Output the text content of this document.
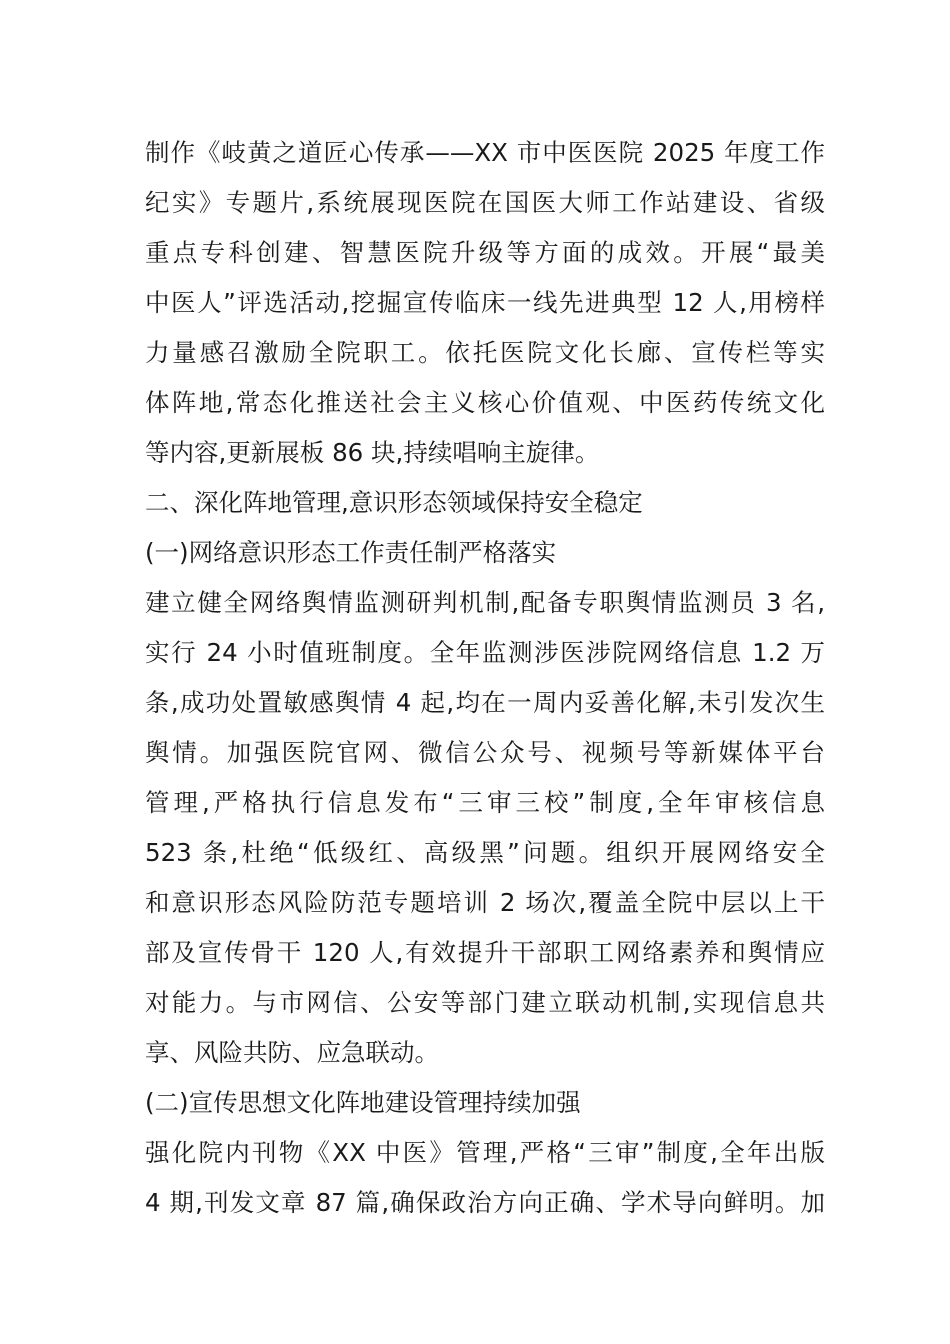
制作《岐黄之道匠心传承——XX 市中医医院 2025 年度工作
纪实》专题片,系统展现医院在国医大师工作站建设、省级
重点专科创建、智慧医院升级等方面的成效。开展“最美
中医人”评选活动,挖掘宣传临床一线先进典型 12 人,用榜样
力量感召激励全院职工。依托医院文化长廊、宣传栏等实
体阵地,常态化推送社会主义核心价值观、中医药传统文化
等内容,更新展板 86 块,持续唱响主旋律。
二、深化阵地管理,意识形态领域保持安全稳定
(一)网络意识形态工作责任制严格落实
建立健全网络舆情监测研判机制,配备专职舆情监测员 3 名,
实行 24 小时值班制度。全年监测涉医涉院网络信息 1.2 万
条,成功处置敏感舆情 4 起,均在一周内妥善化解,未引发次生
舆情。加强医院官网、微信公众号、视频号等新媒体平台
管理,严格执行信息发布“三审三校”制度,全年审核信息
523 条,杜绝“低级红、高级黑”问题。组织开展网络安全
和意识形态风险防范专题培训 2 场次,覆盖全院中层以上干
部及宣传骨干 120 人,有效提升干部职工网络素养和舆情应
对能力。与市网信、公安等部门建立联动机制,实现信息共
享、风险共防、应急联动。
(二)宣传思想文化阵地建设管理持续加强
强化院内刊物《XX 中医》管理,严格“三审”制度,全年出版
4 期,刊发文章 87 篇,确保政治方向正确、学术导向鲜明。加
